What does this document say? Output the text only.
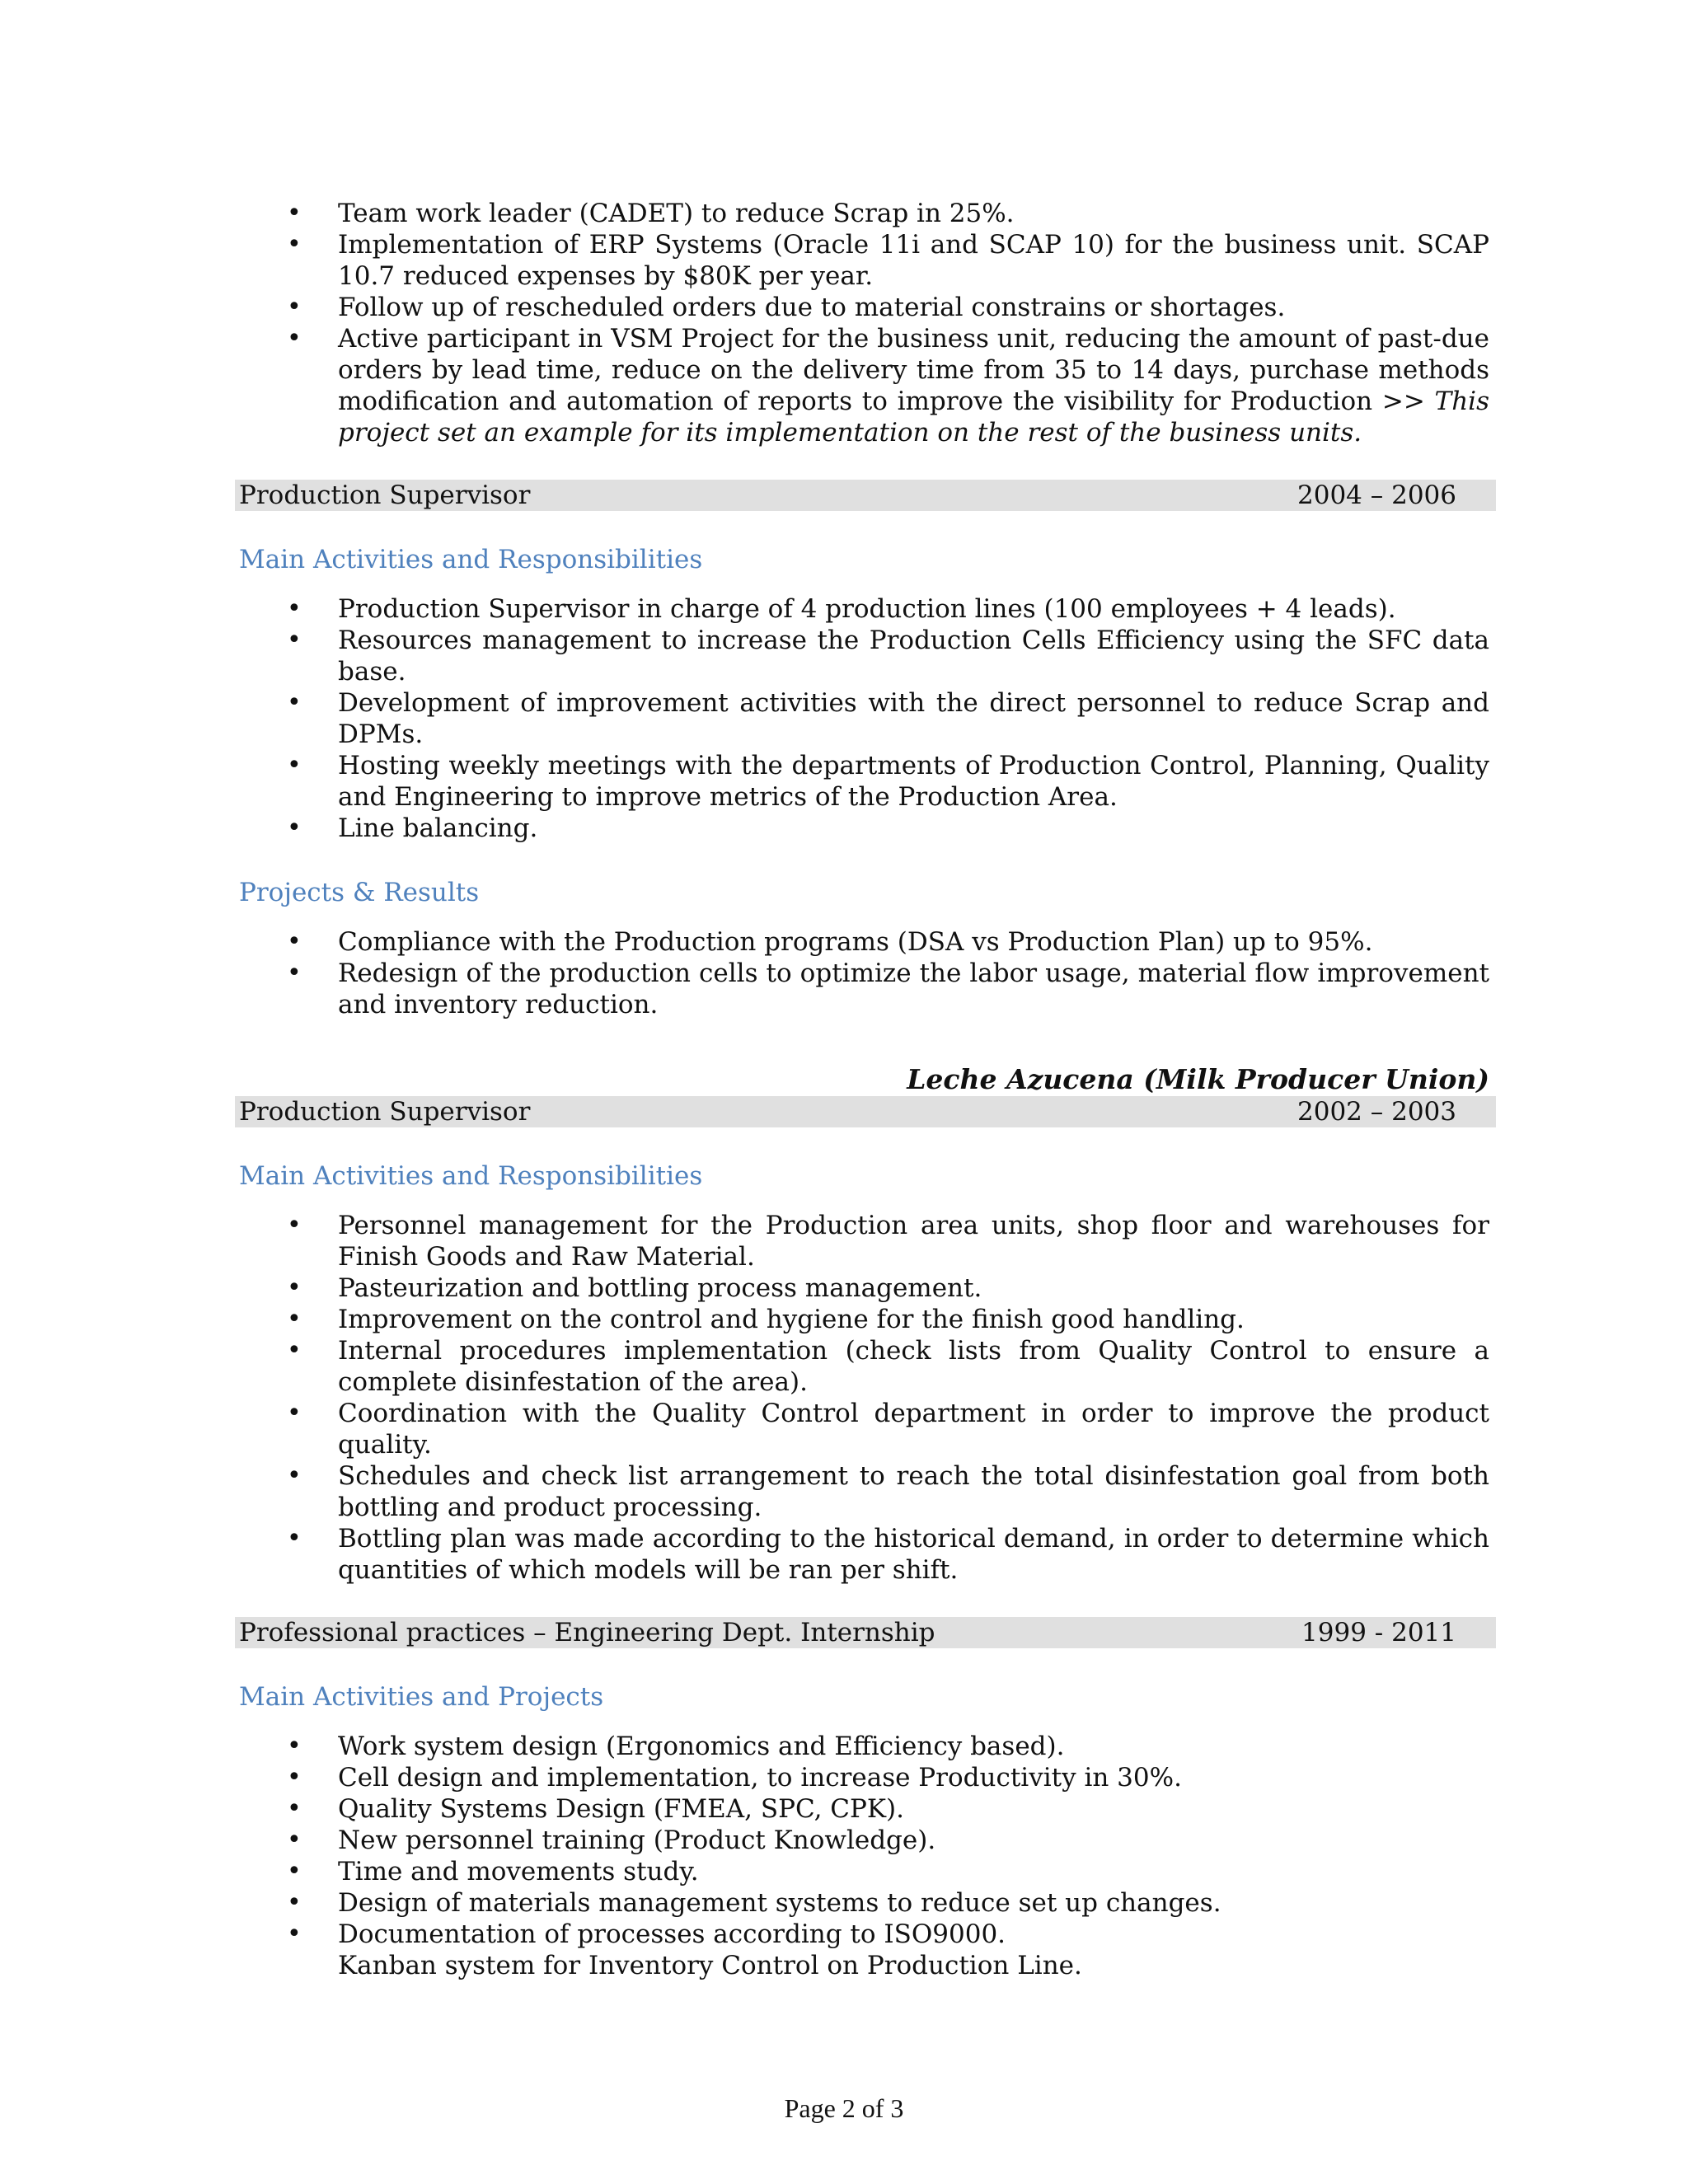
• Team work leader (CADET) to reduce Scrap in 25%.
• Implementation of ERP Systems (Oracle 11i and SCAP 10) for the business unit. SCAP 10.7 reduced expenses by $80K per year.
• Follow up of rescheduled orders due to material constrains or shortages.
• Active participant in VSM Project for the business unit, reducing the amount of past-due orders by lead time, reduce on the delivery time from 35 to 14 days, purchase methods modification and automation of reports to improve the visibility for Production >> This project set an example for its implementation on the rest of the business units.
Production Supervisor	2004 – 2006
Main Activities and Responsibilities
• Production Supervisor in charge of 4 production lines (100 employees + 4 leads).
• Resources management to increase the Production Cells Efficiency using the SFC data base.
• Development of improvement activities with the direct personnel to reduce Scrap and DPMs.
• Hosting weekly meetings with the departments of Production Control, Planning, Quality and Engineering to improve metrics of the Production Area.
• Line balancing.
Projects & Results
• Compliance with the Production programs (DSA vs Production Plan) up to 95%.
• Redesign of the production cells to optimize the labor usage, material flow improvement and inventory reduction.
Leche Azucena (Milk Producer Union)
Production Supervisor	2002 – 2003
Main Activities and Responsibilities
• Personnel management for the Production area units, shop floor and warehouses for Finish Goods and Raw Material.
• Pasteurization and bottling process management.
• Improvement on the control and hygiene for the finish good handling.
• Internal procedures implementation (check lists from Quality Control to ensure a complete disinfestation of the area).
• Coordination with the Quality Control department in order to improve the product quality.
• Schedules and check list arrangement to reach the total disinfestation goal from both bottling and product processing.
• Bottling plan was made according to the historical demand, in order to determine which quantities of which models will be ran per shift.
Professional practices – Engineering Dept. Internship	1999 - 2011
Main Activities and Projects
• Work system design (Ergonomics and Efficiency based).
• Cell design and implementation, to increase Productivity in 30%.
• Quality Systems Design (FMEA, SPC, CPK).
• New personnel training (Product Knowledge).
• Time and movements study.
• Design of materials management systems to reduce set up changes.
• Documentation of processes according to ISO9000.
Kanban system for Inventory Control on Production Line.
Page 2 of 3
